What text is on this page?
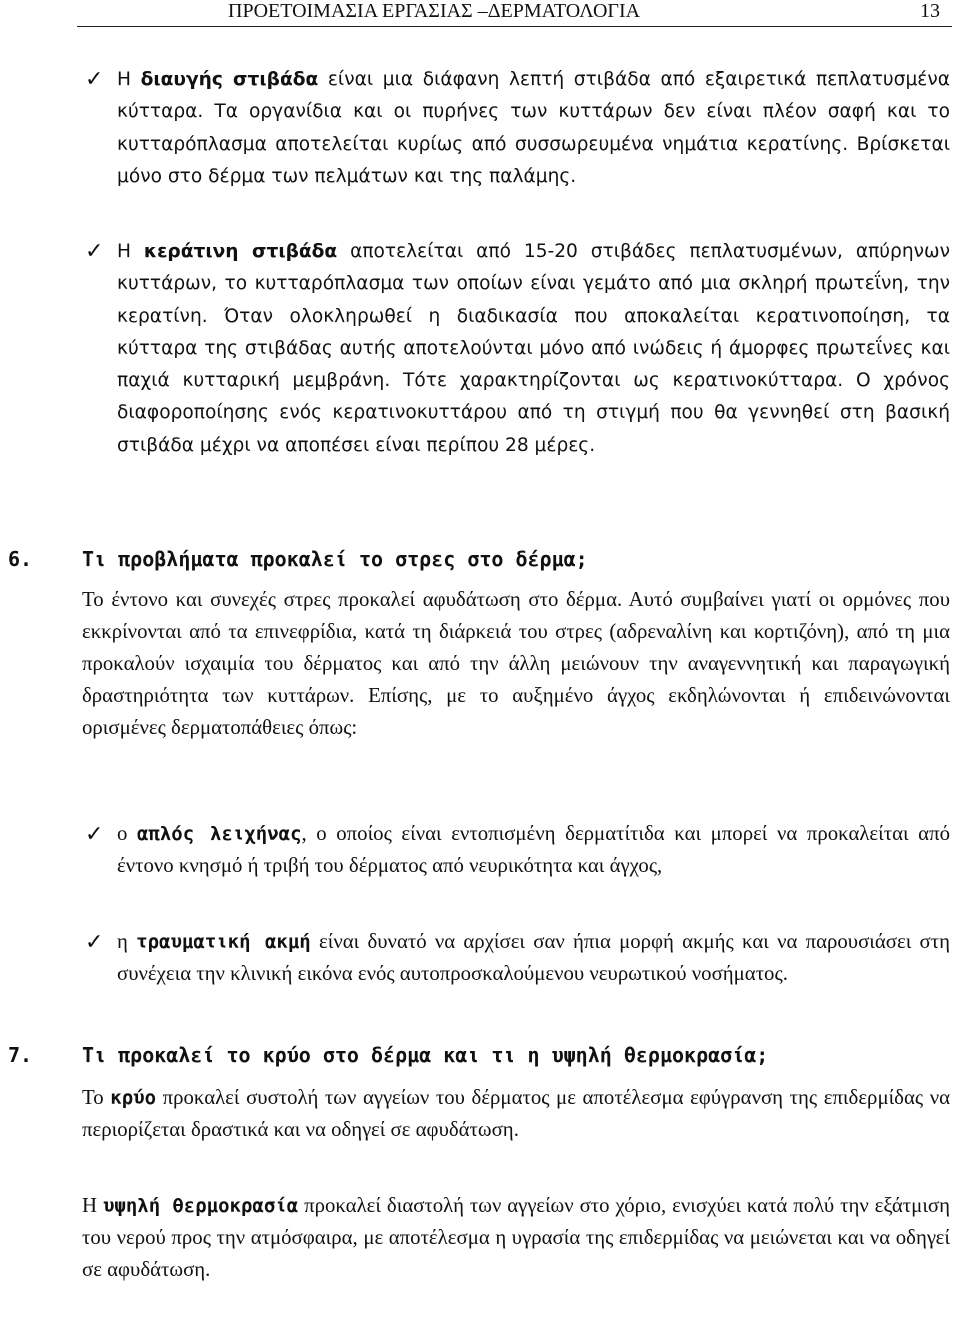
ΠΡΟΕΤΟΙΜΑΣΙΑ ΕΡΓΑΣΙΑΣ –ΔΕΡΜΑΤΟΛΟΓΙΑ	13
✓ Η διαυγής στιβάδα είναι μια διάφανη λεπτή στιβάδα από εξαιρετικά πεπλατυσμένα κύτταρα. Τα οργανίδια και οι πυρήνες των κυττάρων δεν είναι πλέον σαφή και το κυτταρόπλασμα αποτελείται κυρίως από συσσωρευμένα νημάτια κερατίνης. Βρίσκεται μόνο στο δέρμα των πελμάτων και της παλάμης.
✓ Η κεράτινη στιβάδα αποτελείται από 15-20 στιβάδες πεπλατυσμένων, απύρηνων κυττάρων, το κυτταρόπλασμα των οποίων είναι γεμάτο από μια σκληρή πρωτεΐνη, την κερατίνη. Όταν ολοκληρωθεί η διαδικασία που αποκαλείται κερατινοποίηση, τα κύτταρα της στιβάδας αυτής αποτελούνται μόνο από ινώδεις ή άμορφες πρωτεΐνες και παχιά κυτταρική μεμβράνη. Τότε χαρακτηρίζονται ως κερατινοκύτταρα. Ο χρόνος διαφοροποίησης ενός κερατινοκυττάρου από τη στιγμή που θα γεννηθεί στη βασική στιβάδα μέχρι να αποπέσει είναι περίπου 28 μέρες.
6. Τι προβλήματα προκαλεί το στρες στο δέρμα;
Το έντονο και συνεχές στρες προκαλεί αφυδάτωση στο δέρμα. Αυτό συμβαίνει γιατί οι ορμόνες που εκκρίνονται από τα επινεφρίδια, κατά τη διάρκειά του στρες (αδρεναλίνη και κορτιζόνη), από τη μια προκαλούν ισχαιμία του δέρματος και από την άλλη μειώνουν την αναγεννητική και παραγωγική δραστηριότητα των κυττάρων. Επίσης, με το αυξημένο άγχος εκδηλώνονται ή επιδεινώνονται ορισμένες δερματοπάθειες όπως:
✓ ο απλός λειχήνας, ο οποίος είναι εντοπισμένη δερματίτιδα και μπορεί να προκαλείται από έντονο κνησμό ή τριβή του δέρματος από νευρικότητα και άγχος,
✓ η τραυματική ακμή είναι δυνατό να αρχίσει σαν ήπια μορφή ακμής και να παρουσιάσει στη συνέχεια την κλινική εικόνα ενός αυτοπροσκαλούμενου νευρωτικού νοσήματος.
7. Τι προκαλεί το κρύο στο δέρμα και τι η υψηλή θερμοκρασία;
Το κρύο προκαλεί συστολή των αγγείων του δέρματος με αποτέλεσμα εφύγρανση της επιδερμίδας να περιορίζεται δραστικά και να οδηγεί σε αφυδάτωση.
Η υψηλή θερμοκρασία προκαλεί διαστολή των αγγείων στο χόριο, ενισχύει κατά πολύ την εξάτμιση του νερού προς την ατμόσφαιρα, με αποτέλεσμα η υγρασία της επιδερμίδας να μειώνεται και να οδηγεί σε αφυδάτωση.
